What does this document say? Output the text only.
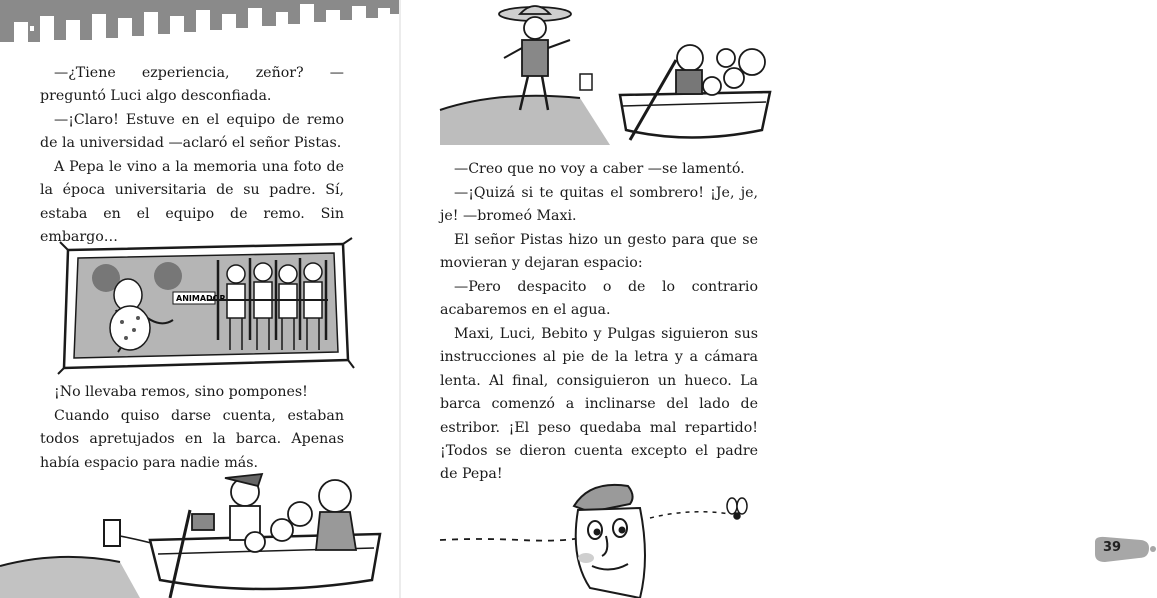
—¿Tiene ezperiencia, zeñor? —preguntó Luci algo desconfiada.

—¡Claro! Estuve en el equipo de remo de la universidad —aclaró el señor Pistas.

A Pepa le vino a la memoria una foto de la época universitaria de su padre. Sí, estaba en el equipo de remo. Sin embargo…

ANIMADOR

¡No llevaba remos, sino pompones!

Cuando quiso darse cuenta, estaban todos apretujados en la barca. Apenas había espacio para nadie más.

—Creo que no voy a caber —se lamentó.

—¡Quizá si te quitas el sombrero! ¡Je, je, je! —bromeó Maxi.

El señor Pistas hizo un gesto para que se movieran y dejaran espacio:

—Pero despacito o de lo contrario acabaremos en el agua.

Maxi, Luci, Bebito y Pulgas siguieron sus instrucciones al pie de la letra y a cámara lenta. Al final, consiguieron un hueco. La barca comenzó a inclinarse del lado de estribor. ¡El peso quedaba mal repartido! ¡Todos se dieron cuenta excepto el padre de Pepa!

39
